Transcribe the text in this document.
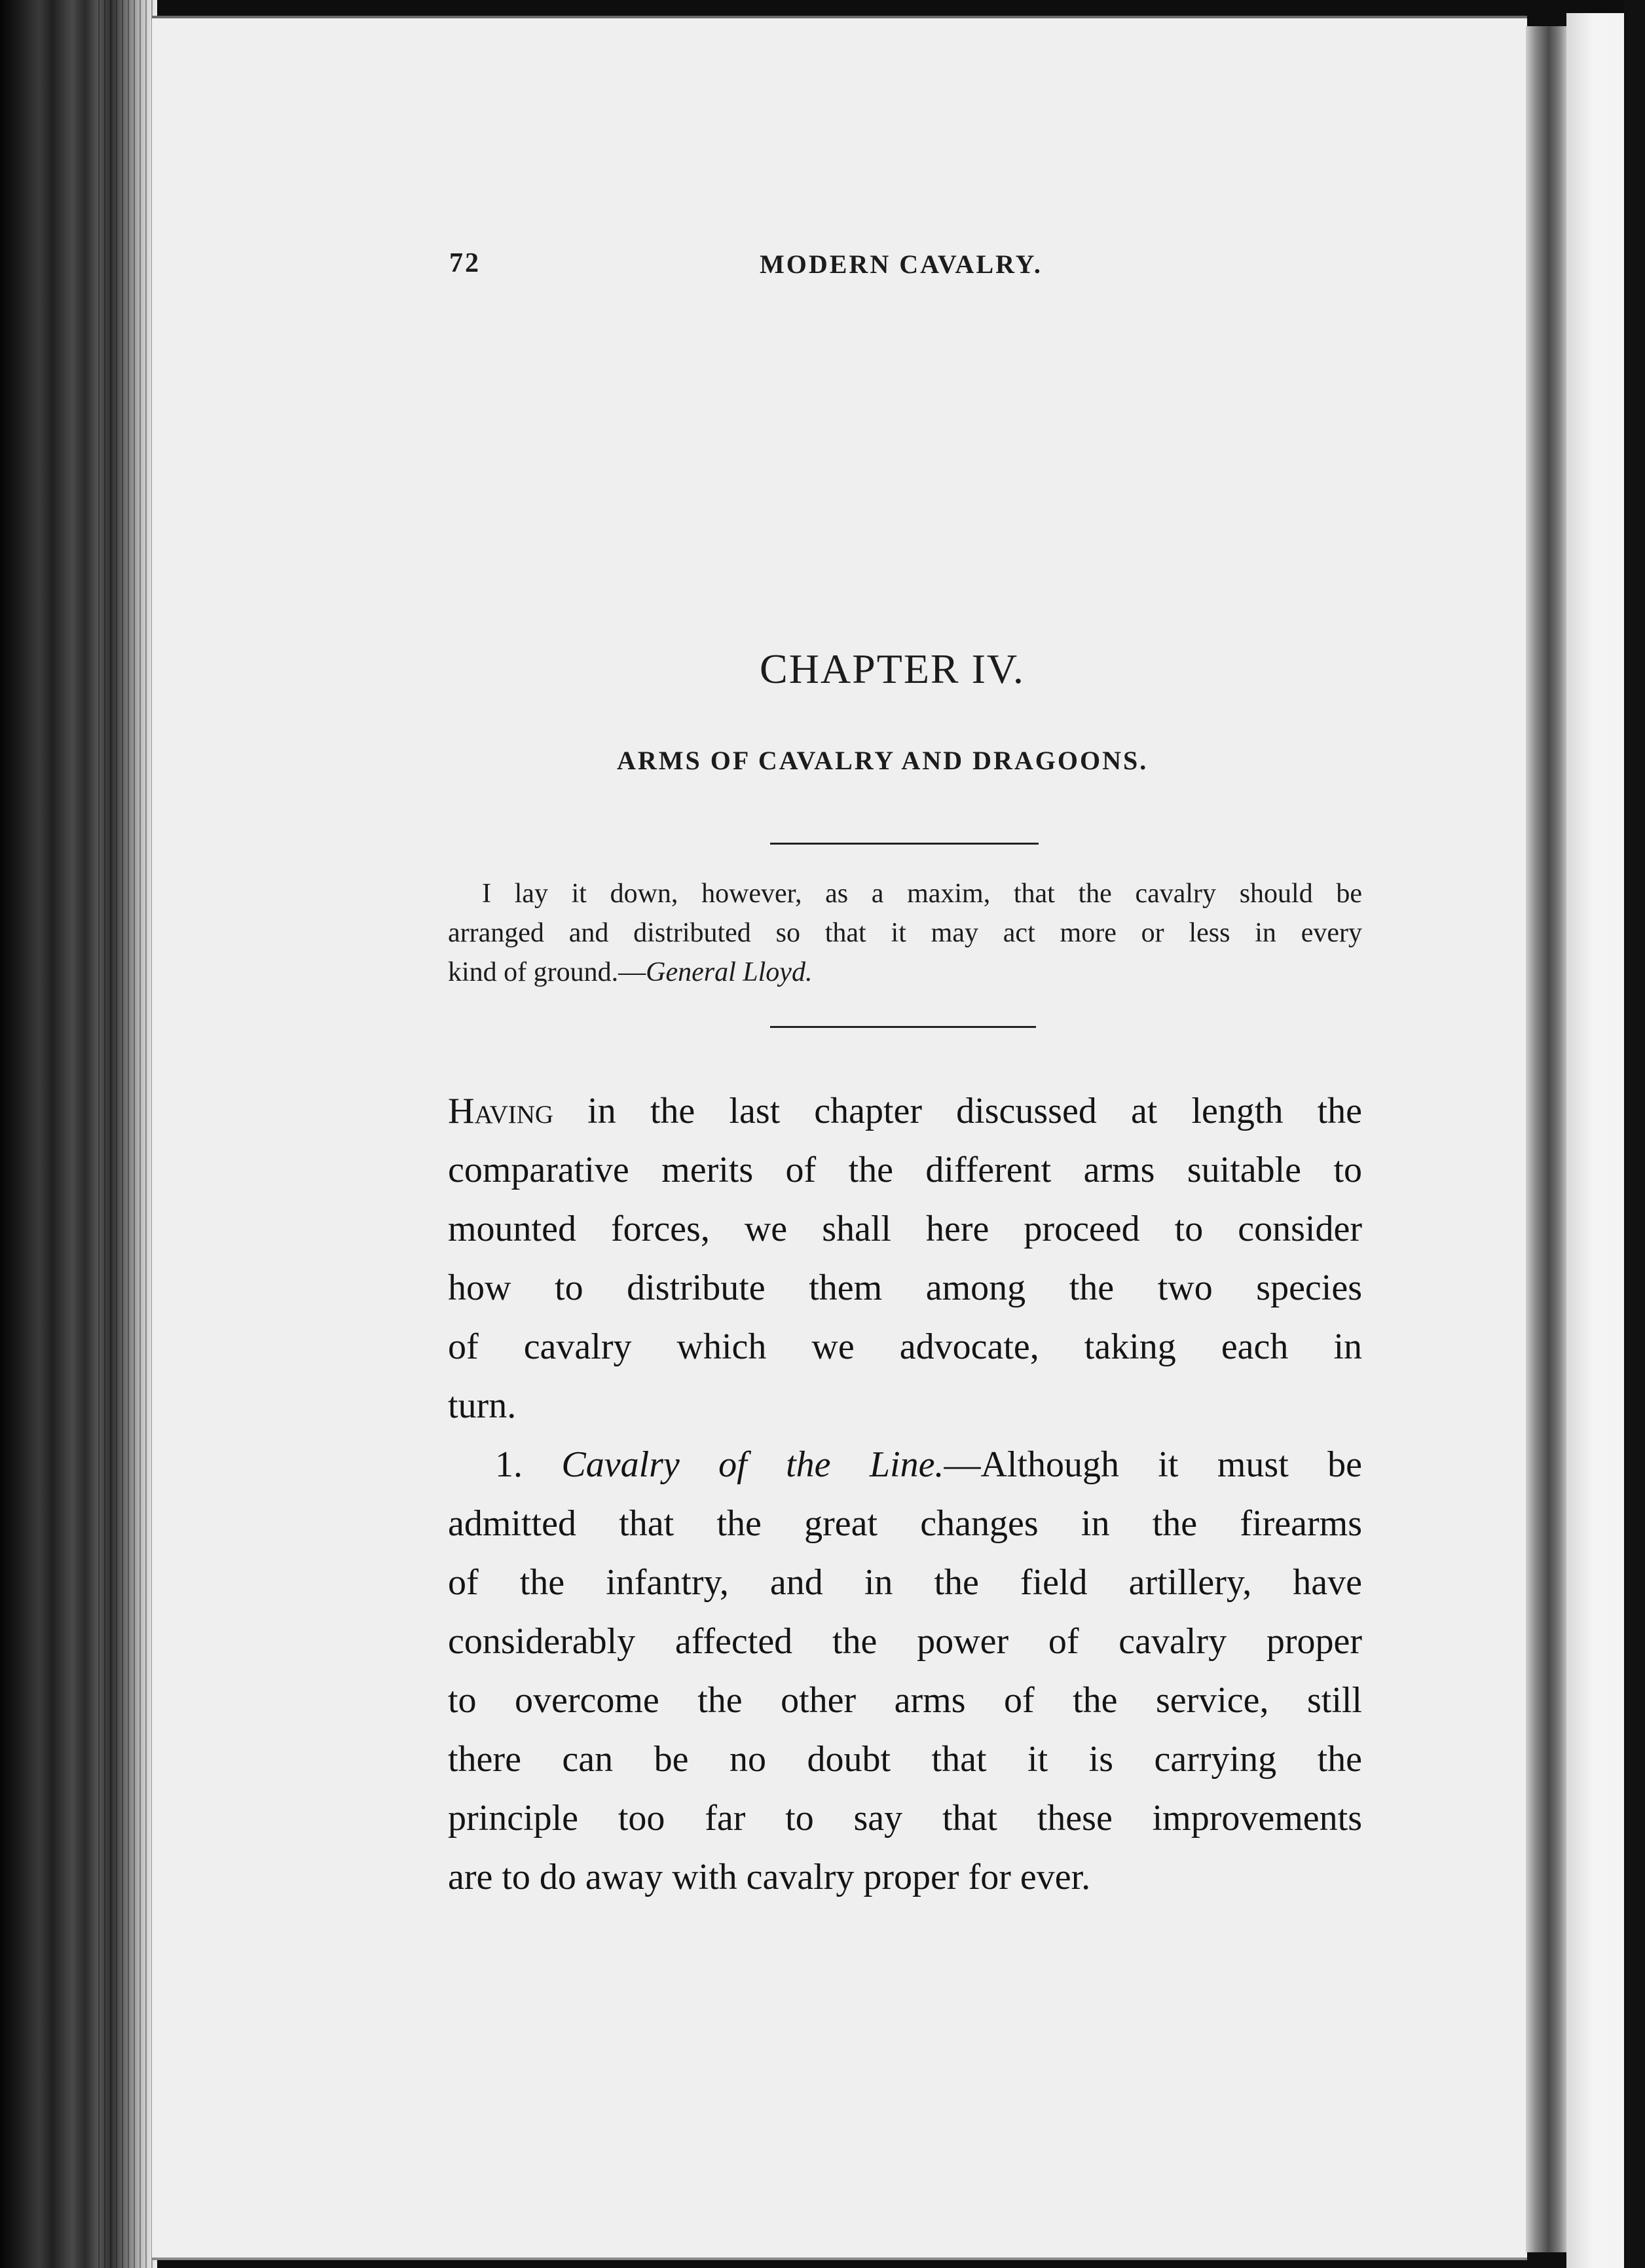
72	MODERN CAVALRY.
CHAPTER IV.
ARMS OF CAVALRY AND DRAGOONS.
I lay it down, however, as a maxim, that the cavalry should be
arranged and distributed so that it may act more or less in every
kind of ground.—General Lloyd.
Having in the last chapter discussed at length the
comparative merits of the different arms suitable to
mounted forces, we shall here proceed to consider
how to distribute them among the two species
of cavalry which we advocate, taking each in
turn.
1. Cavalry of the Line.—Although it must be
admitted that the great changes in the firearms
of the infantry, and in the field artillery, have
considerably affected the power of cavalry proper
to overcome the other arms of the service, still
there can be no doubt that it is carrying the
principle too far to say that these improvements
are to do away with cavalry proper for ever.
